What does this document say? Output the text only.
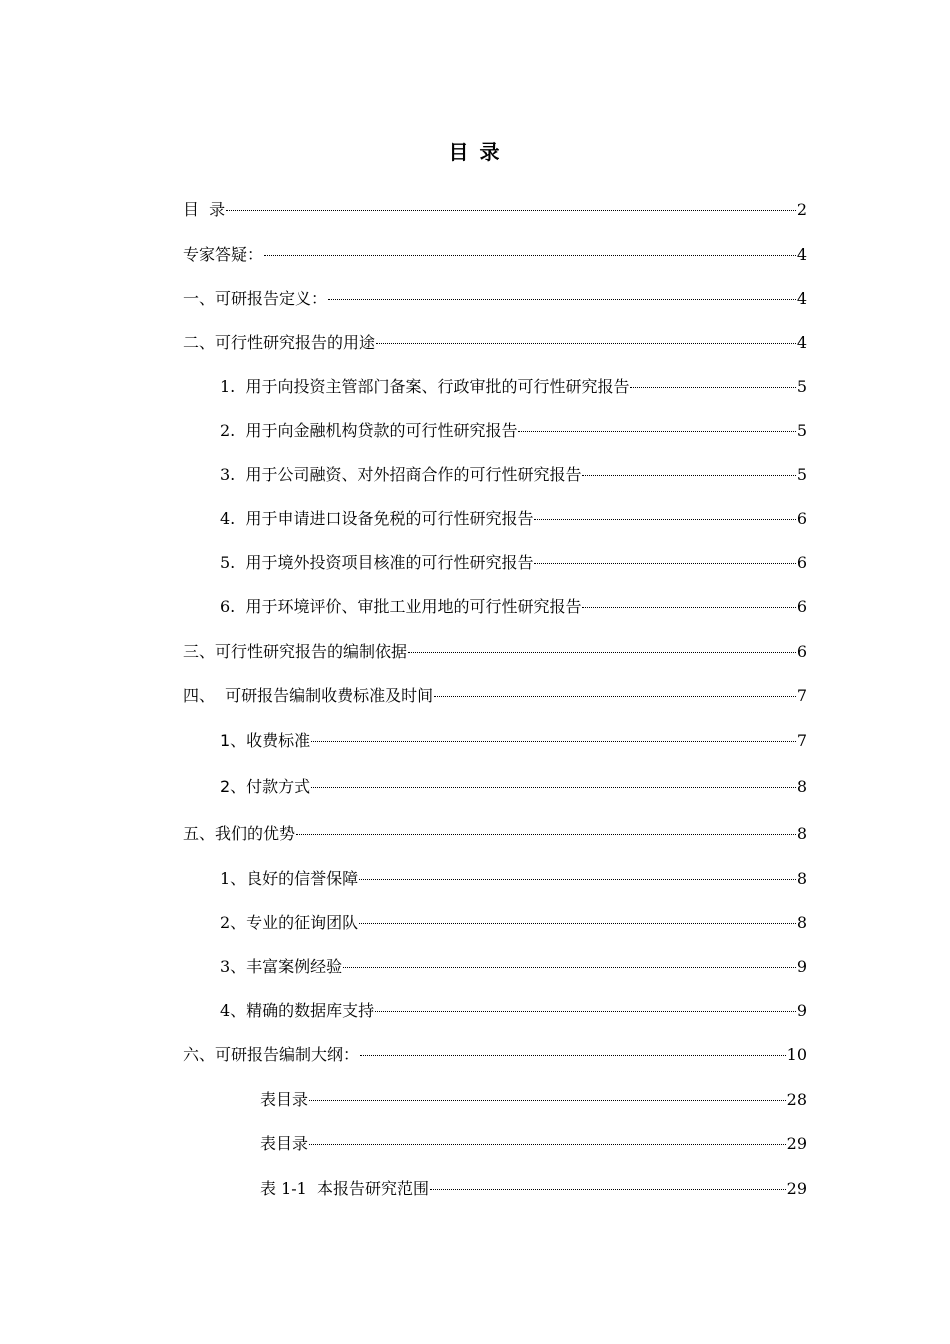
目 录
目  录	2
专家答疑：	4
一、可研报告定义：	4
二、可行性研究报告的用途	4
1.  用于向投资主管部门备案、行政审批的可行性研究报告	5
2.  用于向金融机构贷款的可行性研究报告	5
3.  用于公司融资、对外招商合作的可行性研究报告	5
4.  用于申请进口设备免税的可行性研究报告	6
5.  用于境外投资项目核准的可行性研究报告	6
6.  用于环境评价、审批工业用地的可行性研究报告	6
三、可行性研究报告的编制依据	6
四、  可研报告编制收费标准及时间	7
1、收费标准	7
2、付款方式	8
五、我们的优势	8
1、良好的信誉保障	8
2、专业的征询团队	8
3、丰富案例经验	9
4、精确的数据库支持	9
六、可研报告编制大纲：	10
表目录	28
表目录	29
表 1-1  本报告研究范围	29
